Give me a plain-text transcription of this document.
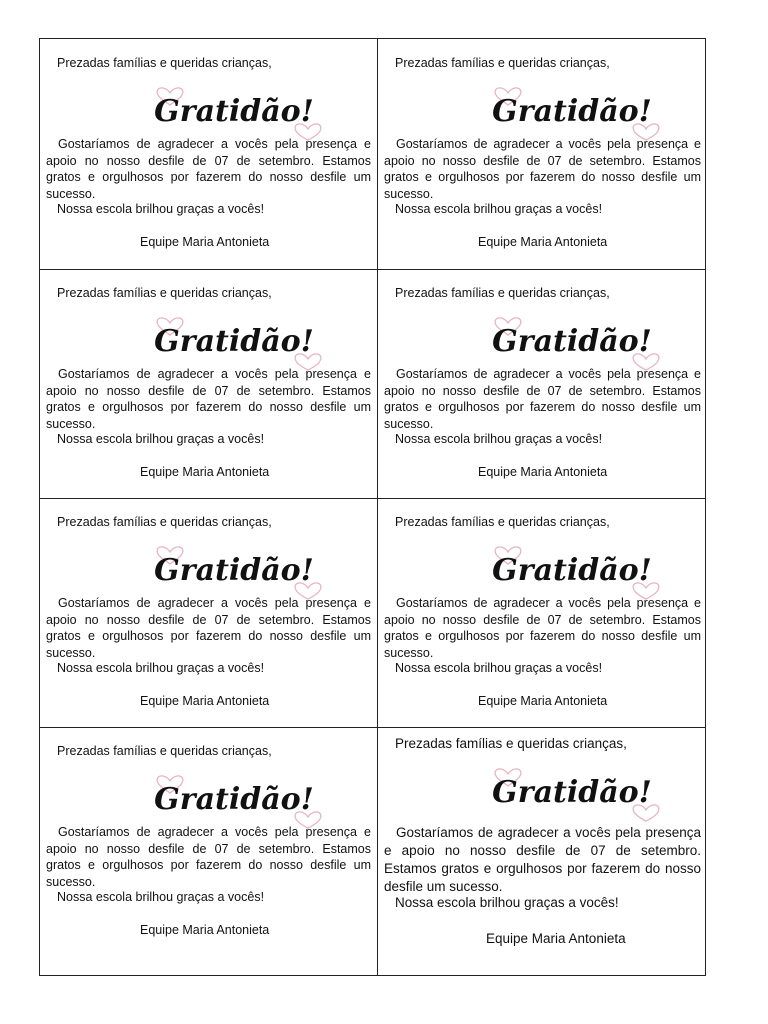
Prezadas famílias e queridas crianças,
Gratidão!

Gostaríamos de agradecer a vocês pela presença e apoio no nosso desfile de 07 de setembro. Estamos gratos e orgulhosos por fazerem do nosso desfile um sucesso.

Nossa escola brilhou graças a vocês!
Equipe Maria Antonieta
Prezadas famílias e queridas crianças,
Gratidão!

Gostaríamos de agradecer a vocês pela presença e apoio no nosso desfile de 07 de setembro. Estamos gratos e orgulhosos por fazerem do nosso desfile um sucesso.

Nossa escola brilhou graças a vocês!
Equipe Maria Antonieta
Prezadas famílias e queridas crianças,
Gratidão!

Gostaríamos de agradecer a vocês pela presença e apoio no nosso desfile de 07 de setembro. Estamos gratos e orgulhosos por fazerem do nosso desfile um sucesso.

Nossa escola brilhou graças a vocês!
Equipe Maria Antonieta
Prezadas famílias e queridas crianças,
Gratidão!

Gostaríamos de agradecer a vocês pela presença e apoio no nosso desfile de 07 de setembro. Estamos gratos e orgulhosos por fazerem do nosso desfile um sucesso.

Nossa escola brilhou graças a vocês!
Equipe Maria Antonieta
Prezadas famílias e queridas crianças,
Gratidão!

Gostaríamos de agradecer a vocês pela presença e apoio no nosso desfile de 07 de setembro. Estamos gratos e orgulhosos por fazerem do nosso desfile um sucesso.

Nossa escola brilhou graças a vocês!
Equipe Maria Antonieta
Prezadas famílias e queridas crianças,
Gratidão!

Gostaríamos de agradecer a vocês pela presença e apoio no nosso desfile de 07 de setembro. Estamos gratos e orgulhosos por fazerem do nosso desfile um sucesso.

Nossa escola brilhou graças a vocês!
Equipe Maria Antonieta
Prezadas famílias e queridas crianças,
Gratidão!

Gostaríamos de agradecer a vocês pela presença e apoio no nosso desfile de 07 de setembro. Estamos gratos e orgulhosos por fazerem do nosso desfile um sucesso.

Nossa escola brilhou graças a vocês!
Equipe Maria Antonieta
Prezadas famílias e queridas crianças,
Gratidão!

Gostaríamos de agradecer a vocês pela presença e apoio no nosso desfile de 07 de setembro. Estamos gratos e orgulhosos por fazerem do nosso desfile um sucesso.

Nossa escola brilhou graças a vocês!
Equipe Maria Antonieta
